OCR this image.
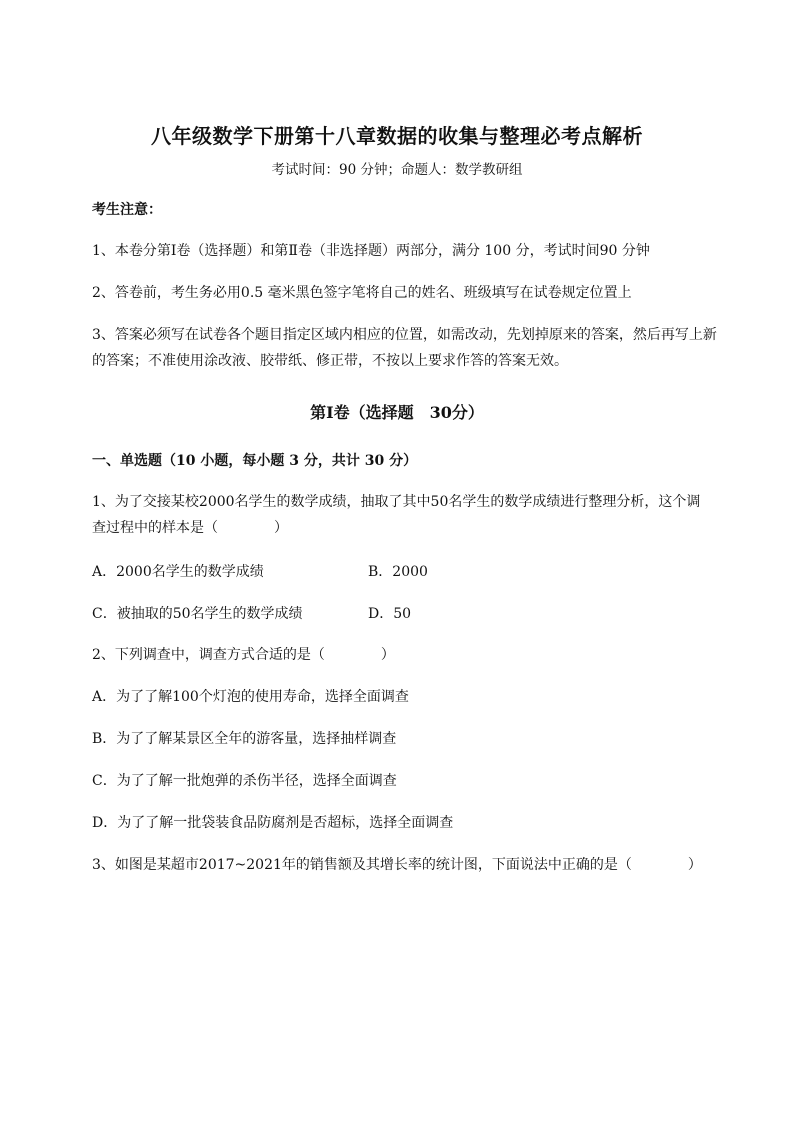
八年级数学下册第十八章数据的收集与整理必考点解析
考试时间：90 分钟；命题人：数学教研组
考生注意：
1、本卷分第Ⅰ卷（选择题）和第Ⅱ卷（非选择题）两部分，满分 100 分，考试时间90 分钟
2、答卷前，考生务必用0.5 毫米黑色签字笔将自己的姓名、班级填写在试卷规定位置上
3、答案必须写在试卷各个题目指定区域内相应的位置，如需改动，先划掉原来的答案，然后再写上新
的答案；不准使用涂改液、胶带纸、修正带，不按以上要求作答的答案无效。
第Ⅰ卷（选择题　30分）
一、单选题（10 小题，每小题 3 分，共计 30 分）
1、为了交接某校2000名学生的数学成绩，抽取了其中50名学生的数学成绩进行整理分析，这个调
查过程中的样本是（	）
A．2000名学生的数学成绩	B．2000
C．被抽取的50名学生的数学成绩	D．50
2、下列调查中，调查方式合适的是（	）
A．为了了解100个灯泡的使用寿命，选择全面调查
B．为了了解某景区全年的游客量，选择抽样调查
C．为了了解一批炮弹的杀伤半径，选择全面调查
D．为了了解一批袋装食品防腐剂是否超标，选择全面调查
3、如图是某超市2017~2021年的销售额及其增长率的统计图，下面说法中正确的是（	）
